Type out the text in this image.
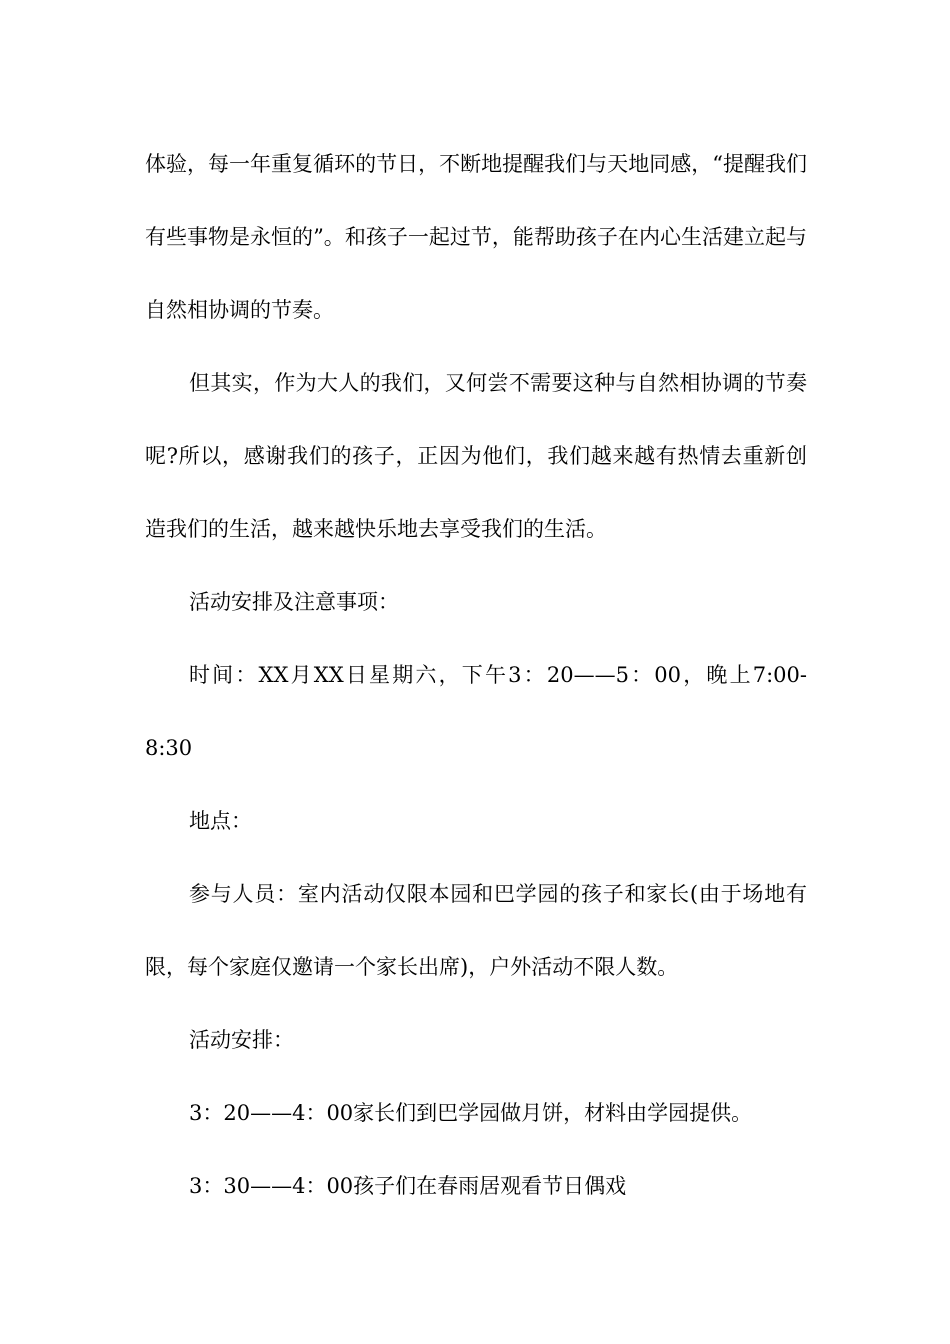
体验，每一年重复循环的节日，不断地提醒我们与天地同感，“提醒我们有些事物是永恒的”。和孩子一起过节，能帮助孩子在内心生活建立起与自然相协调的节奏。

但其实，作为大人的我们，又何尝不需要这种与自然相协调的节奏呢?所以，感谢我们的孩子，正因为他们，我们越来越有热情去重新创造我们的生活，越来越快乐地去享受我们的生活。

活动安排及注意事项：

时间：XX月XX日星期六，下午3：20——5：00，晚上7:00-8:30

地点：

参与人员：室内活动仅限本园和巴学园的孩子和家长(由于场地有限，每个家庭仅邀请一个家长出席)，户外活动不限人数。

活动安排：

3：20——4：00家长们到巴学园做月饼，材料由学园提供。

3：30——4：00孩子们在春雨居观看节日偶戏
